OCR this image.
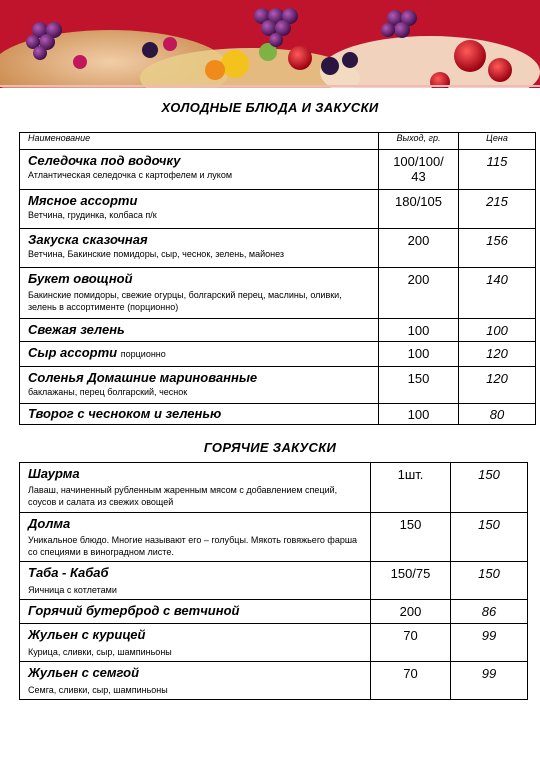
ХОЛОДНЫЕ БЛЮДА И ЗАКУСКИ
Наименование	Выход, гр.	Цена

Селедочка под водочку
Атлантическая селедочка с картофелем и луком	100/100/ 43	115

Мясное ассорти
Ветчина, грудинка, колбаса п/к	180/105	215

Закуска сказочная
Ветчина, Бакинские помидоры, сыр, чеснок, зелень, майонез	200	156

Букет овощной
Бакинские помидоры, свежие огурцы, болгарский перец, маслины, оливки, зелень в ассортименте (порционно)	200	140

Свежая зелень	100	100

Сыр ассорти порционно	100	120

Соленья Домашние маринованные
баклажаны, перец болгарский, чеснок	150	120

Творог с чесноком и зеленью	100	80
ГОРЯЧИЕ ЗАКУСКИ
Шаурма
Лаваш, начиненный рубленным жаренным мясом с добавлением специй, соусов и салата из свежих овощей	1шт.	150

Долма
Уникальное блюдо. Многие называют его – голубцы. Мякоть говяжьего фарша со специями в виноградном листе.	150	150

Таба - Кабаб
Яичница с котлетами	150/75	150

Горячий бутерброд с ветчиной	200	86

Жульен с курицей
Курица, сливки, сыр, шампиньоны	70	99

Жульен с семгой
Семга, сливки, сыр, шампиньоны	70	99
